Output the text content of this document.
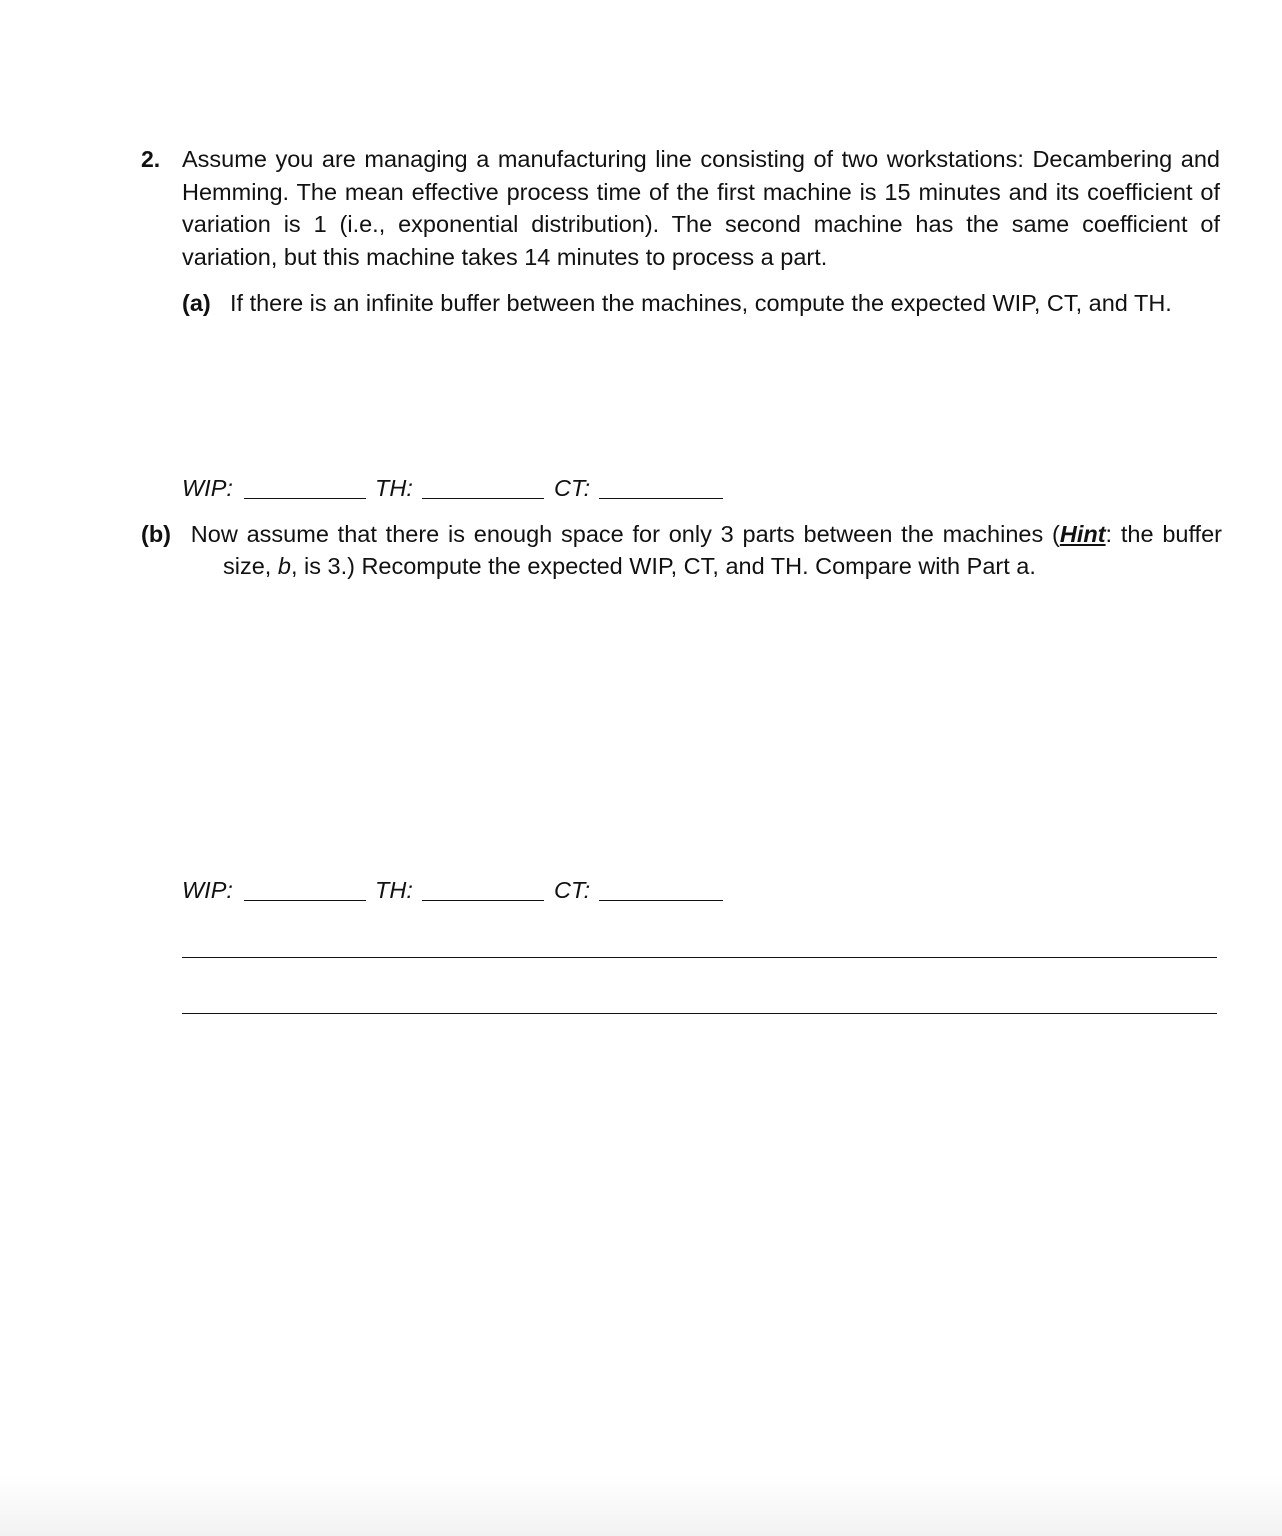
2. Assume you are managing a manufacturing line consisting of two workstations: Decambering and Hemming. The mean effective process time of the first machine is 15 minutes and its coefficient of variation is 1 (i.e., exponential distribution). The second machine has the same coefficient of variation, but this machine takes 14 minutes to process a part.

(a) If there is an infinite buffer between the machines, compute the expected WIP, CT, and TH.

WIP:	TH:	CT:

(b) Now assume that there is enough space for only 3 parts between the machines (Hint: the buffer size, b, is 3.) Recompute the expected WIP, CT, and TH. Compare with Part a.

WIP:	TH:	CT:
